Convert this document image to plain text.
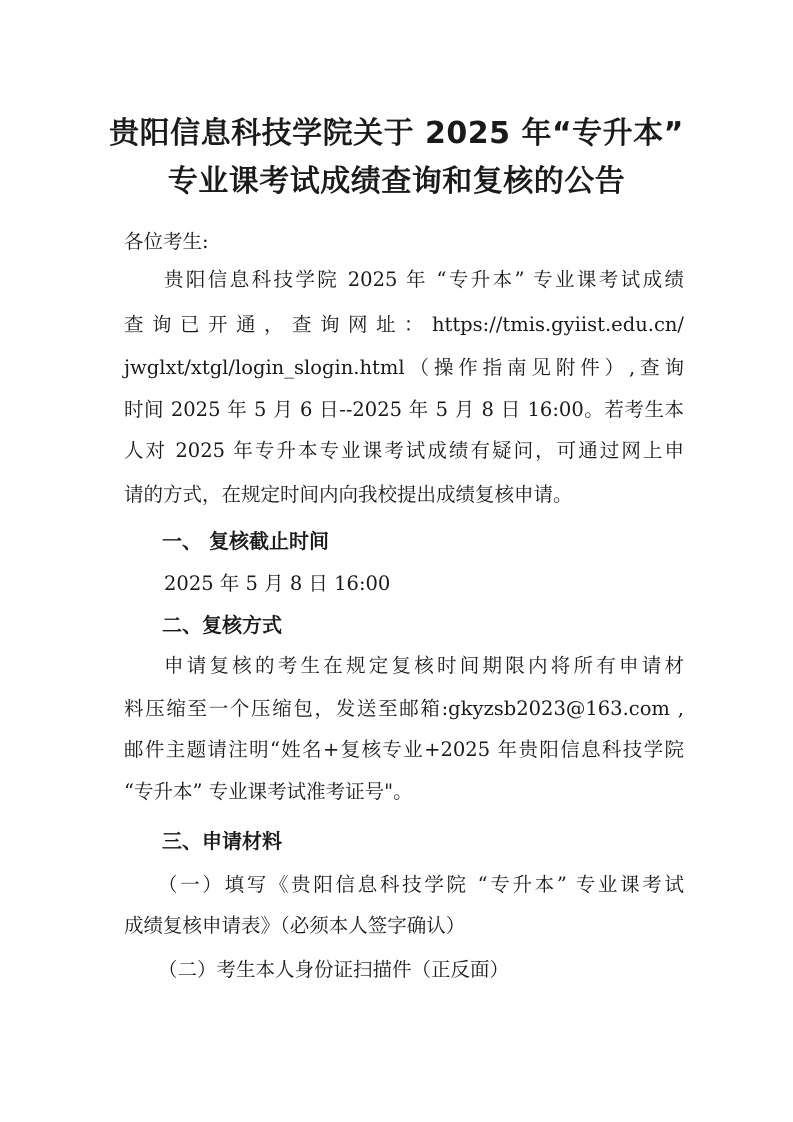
贵阳信息科技学院关于 2025 年“专升本”
专业课考试成绩查询和复核的公告

各位考生:

贵阳信息科技学院 2025 年 “专升本” 专业课考试成绩

查询已开通，查询网址：https://tmis.gyiist.edu.cn/

jwglxt/xtgl/login_slogin.html（操作指南见附件）,查询

时间 2025 年 5 月 6 日--2025 年 5 月 8 日 16:00。若考生本

人对 2025 年专升本专业课考试成绩有疑问，可通过网上申

请的方式，在规定时间内向我校提出成绩复核申请。

一、 复核截止时间

2025 年 5 月 8 日 16:00

二、复核方式

申请复核的考生在规定复核时间期限内将所有申请材

料压缩至一个压缩包，发送至邮箱:gkyzsb2023@163.com ,

邮件主题请注明“姓名+复核专业+2025 年贵阳信息科技学院

“专升本” 专业课考试准考证号"。

三、申请材料

（一）填写《贵阳信息科技学院 “专升本” 专业课考试

成绩复核申请表》（必须本人签字确认）

（二）考生本人身份证扫描件（正反面）
